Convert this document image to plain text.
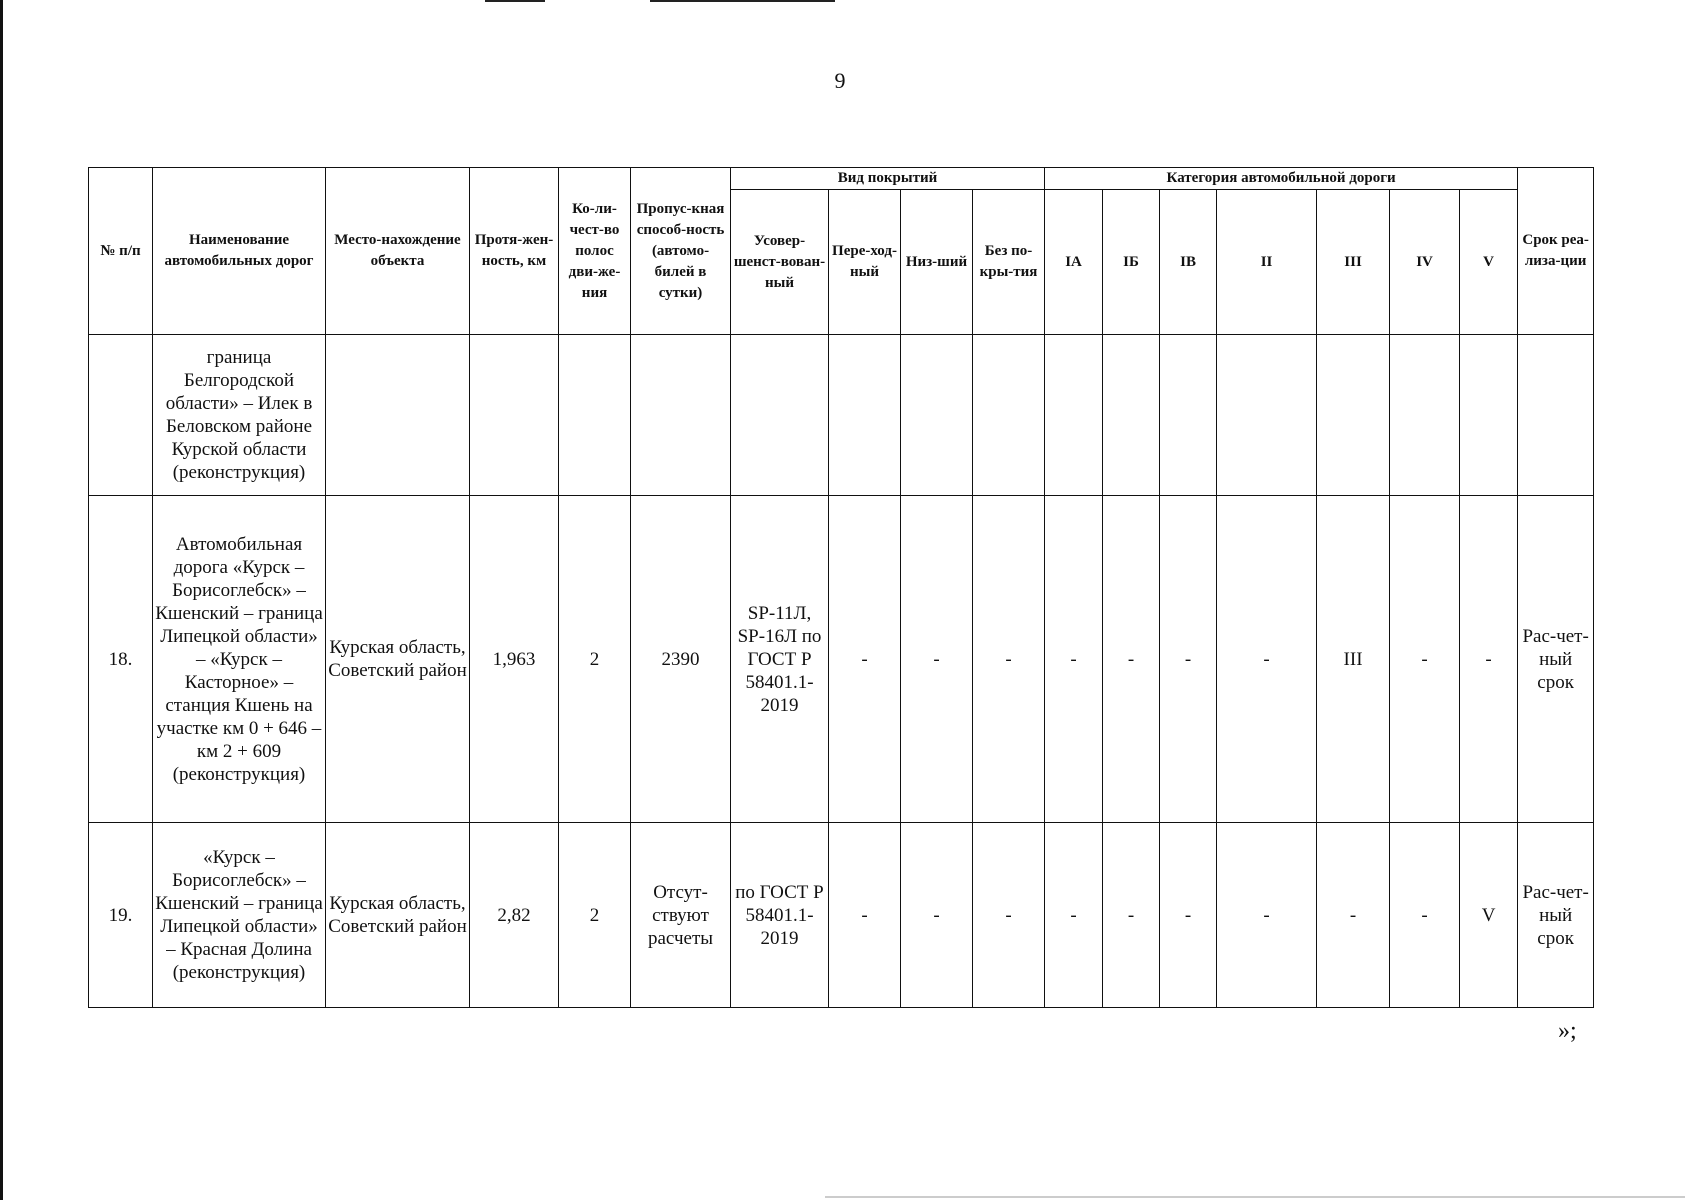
9
№ п/п	Наименование автомобильных дорог	Место-нахождение объекта	Протя-жен-ность, км	Ко-ли-чест-во полос дви-же-ния	Пропус-кная способ-ность (автомо-билей в сутки)	Вид покрытий				Категория автомобильной дороги							Срок реа-лиза-ции
						Усовер-шенст-вован-ный	Пере-ход-ный	Низ-ший	Без по-кры-тия	IA	IБ	IВ	II	III	IV	V	
	граница Белгородской области» – Илек в Беловском районе Курской области (реконструкция)																
18.	Автомобильная дорога «Курск – Борисоглебск» – Кшенский – граница Липецкой области» – «Курск – Касторное» – станция Кшень на участке км 0 + 646 – км 2 + 609 (реконструкция)	Курская область, Советский район	1,963	2	2390	SP-11Л, SP-16Л по ГОСТ Р 58401.1-2019	-	-	-	-	-	-	-	III	-	-	Рас-чет-ный срок
19.	«Курск – Борисоглебск» – Кшенский – граница Липецкой области» – Красная Долина (реконструкция)	Курская область, Советский район	2,82	2	Отсут-ствуют расчеты	по ГОСТ Р 58401.1-2019	-	-	-	-	-	-	-	-	-	V	Рас-чет-ный срок
»;
